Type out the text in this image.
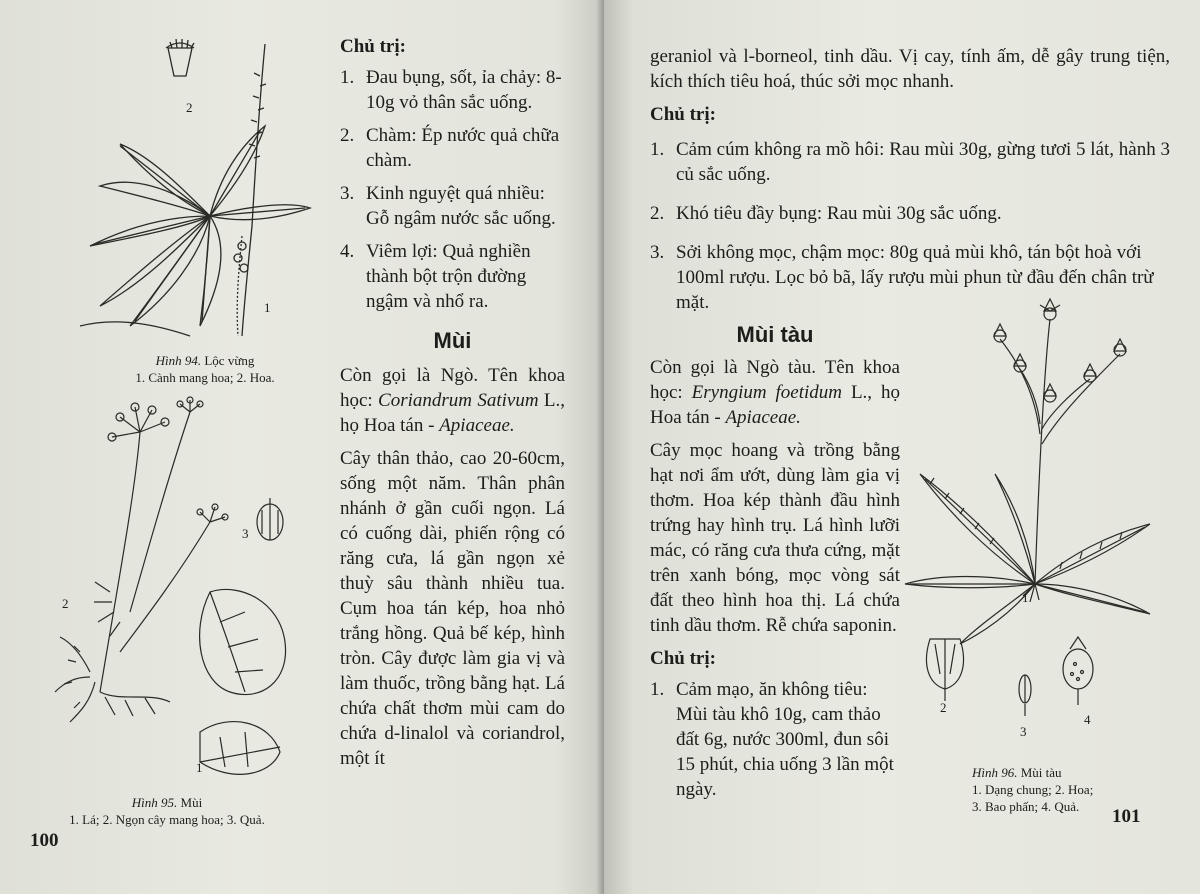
2
1
Hình 94. Lộc vừng
1. Cành mang hoa; 2. Hoa.
3
2
1
Hình 95. Mùi
1. Lá; 2. Ngọn cây mang hoa; 3. Quả.
100
Chủ trị:
1. Đau bụng, sốt, ỉa chảy: 8-10g vỏ thân sắc uống.
2. Chàm: Ép nước quả chữa chàm.
3. Kinh nguyệt quá nhiều: Gỗ ngâm nước sắc uống.
4. Viêm lợi: Quả nghiền thành bột trộn đường ngậm và nhổ ra.
Mùi

Còn gọi là Ngò. Tên khoa học: Coriandrum Sativum L., họ Hoa tán - Apiaceae.

Cây thân thảo, cao 20-60cm, sống một năm. Thân phân nhánh ở gần cuối ngọn. Lá có cuống dài, phiến rộng có răng cưa, lá gần ngọn xẻ thuỳ sâu thành nhiều tua. Cụm hoa tán kép, hoa nhỏ trắng hồng. Quả bế kép, hình tròn. Cây được làm gia vị và làm thuốc, trồng bằng hạt. Lá chứa chất thơm mùi cam do chứa d-linalol và coriandrol, một ít

geraniol và l-borneol, tinh dầu. Vị cay, tính ấm, dễ gây trung tiện, kích thích tiêu hoá, thúc sởi mọc nhanh.

Chủ trị:
1. Cảm cúm không ra mồ hôi: Rau mùi 30g, gừng tươi 5 lát, hành 3 củ sắc uống.
2. Khó tiêu đầy bụng: Rau mùi 30g sắc uống.
3. Sởi không mọc, chậm mọc: 80g quả mùi khô, tán bột hoà với 100ml rượu. Lọc bỏ bã, lấy rượu mùi phun từ đầu đến chân trừ mặt.
Mùi tàu

Còn gọi là Ngò tàu. Tên khoa học: Eryngium foetidum L., họ Hoa tán - Apiaceae.

Cây mọc hoang và trồng bằng hạt nơi ẩm ướt, dùng làm gia vị thơm. Hoa kép thành đầu hình trứng hay hình trụ. Lá hình lưỡi mác, có răng cưa thưa cứng, mặt trên xanh bóng, mọc vòng sát đất theo hình hoa thị. Lá chứa tinh dầu thơm. Rễ chứa saponin.

Chủ trị:
1. Cảm mạo, ăn không tiêu: Mùi tàu khô 10g, cam thảo đất 6g, nước 300ml, đun sôi 15 phút, chia uống 3 lần một ngày.
1
2
3
4
Hình 96. Mùi tàu
1. Dạng chung; 2. Hoa;
3. Bao phấn; 4. Quả.	101
